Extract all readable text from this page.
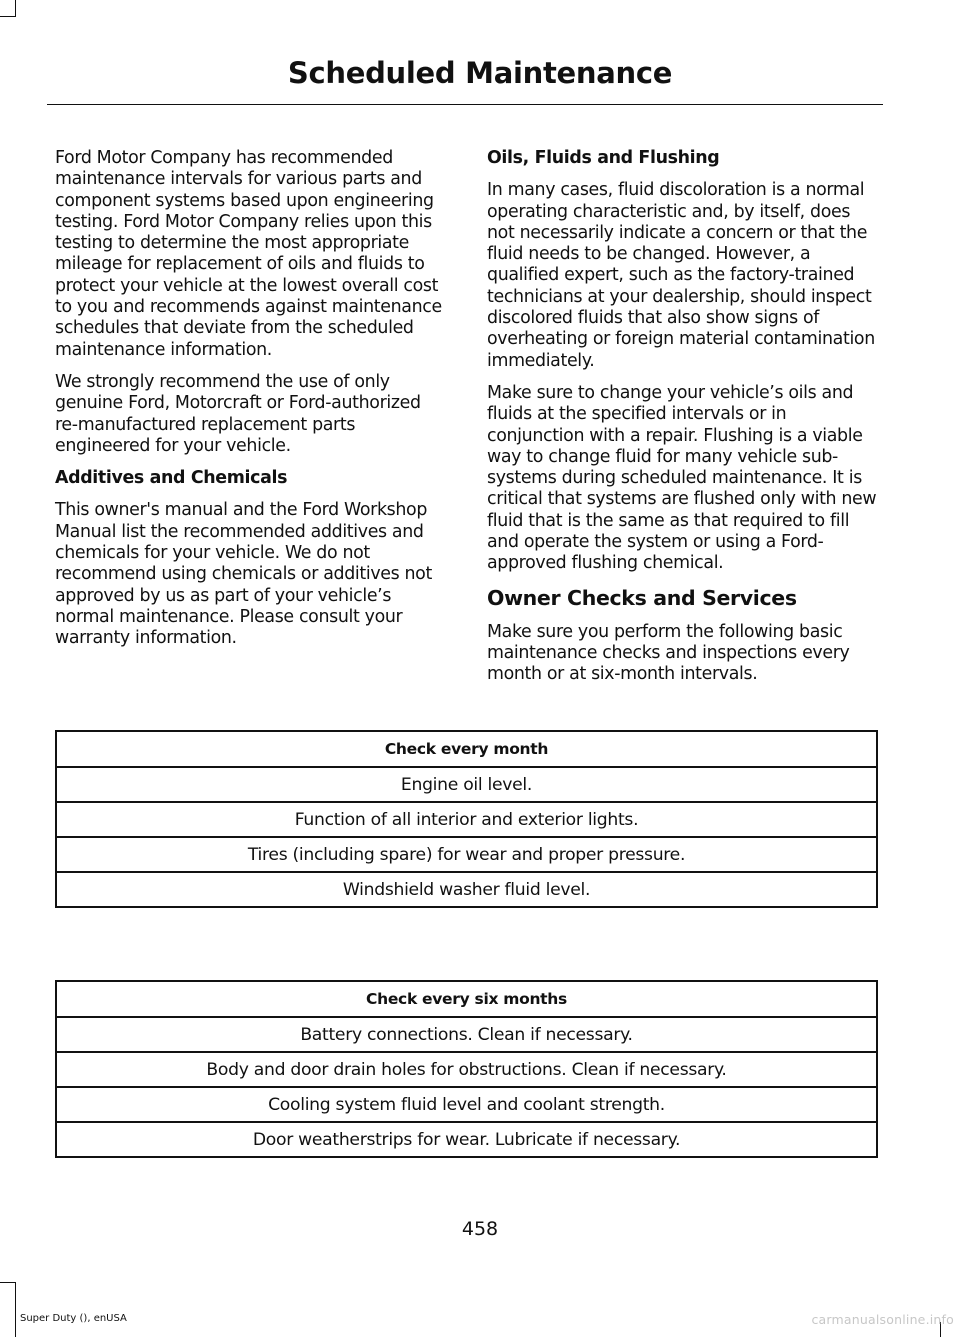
Scheduled Maintenance

Ford Motor Company has recommended maintenance intervals for various parts and component systems based upon engineering testing. Ford Motor Company relies upon this testing to determine the most appropriate mileage for replacement of oils and fluids to protect your vehicle at the lowest overall cost to you and recommends against maintenance schedules that deviate from the scheduled maintenance information.

We strongly recommend the use of only genuine Ford, Motorcraft or Ford-authorized re-manufactured replacement parts engineered for your vehicle.

Additives and Chemicals

This owner's manual and the Ford Workshop Manual list the recommended additives and chemicals for your vehicle. We do not recommend using chemicals or additives not approved by us as part of your vehicle’s normal maintenance. Please consult your warranty information.

Oils, Fluids and Flushing

In many cases, fluid discoloration is a normal operating characteristic and, by itself, does not necessarily indicate a concern or that the fluid needs to be changed. However, a qualified expert, such as the factory-trained technicians at your dealership, should inspect discolored fluids that also show signs of overheating or foreign material contamination immediately.

Make sure to change your vehicle’s oils and fluids at the specified intervals or in conjunction with a repair. Flushing is a viable way to change fluid for many vehicle sub-systems during scheduled maintenance. It is critical that systems are flushed only with new fluid that is the same as that required to fill and operate the system or using a Ford-approved flushing chemical.

Owner Checks and Services

Make sure you perform the following basic maintenance checks and inspections every month or at six-month intervals.

Check every month
Engine oil level.
Function of all interior and exterior lights.
Tires (including spare) for wear and proper pressure.
Windshield washer fluid level.
Check every six months
Battery connections. Clean if necessary.
Body and door drain holes for obstructions. Clean if necessary.
Cooling system fluid level and coolant strength.
Door weatherstrips for wear. Lubricate if necessary.
458
Super Duty (), enUSA	carmanualsonline.info
